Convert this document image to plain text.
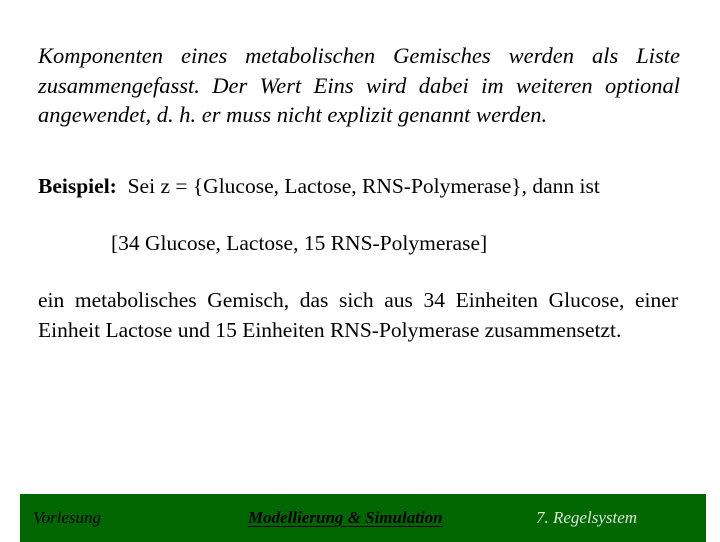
Komponenten eines metabolischen Gemisches werden als Liste zusammengefasst. Der Wert Eins wird dabei im weiteren optional angewendet, d. h. er muss nicht explizit genannt werden.

Beispiel: Sei z = {Glucose, Lactose, RNS-Polymerase}, dann ist

[34 Glucose, Lactose, 15 RNS-Polymerase]

ein metabolisches Gemisch, das sich aus 34 Einheiten Glucose, einer Einheit Lactose und 15 Einheiten RNS-Polymerase zusammensetzt.

Vorlesung	Modellierung & Simulation	7. Regelsystem
